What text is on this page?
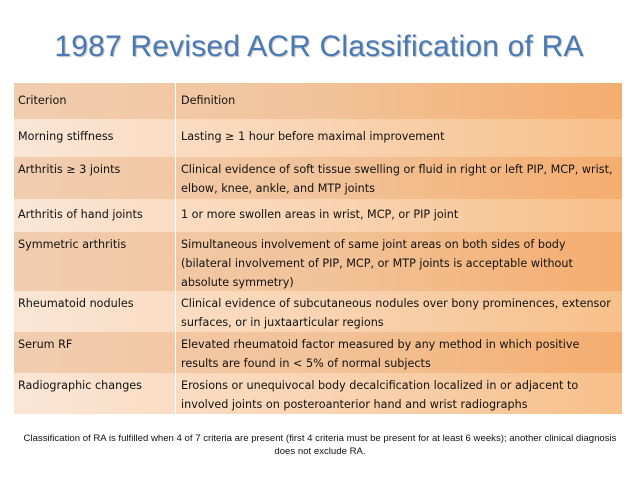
1987 Revised ACR Classification of RA
Criterion	Definition
Morning stiffness	Lasting ≥ 1 hour before maximal improvement
Arthritis ≥ 3 joints	Clinical evidence of soft tissue swelling or fluid in right or left PIP, MCP, wrist, elbow, knee, ankle, and MTP joints
Arthritis of hand joints	1 or more swollen areas in wrist, MCP, or PIP joint
Symmetric arthritis	Simultaneous involvement of same joint areas on both sides of body (bilateral involvement of PIP, MCP, or MTP joints is acceptable without absolute symmetry)
Rheumatoid nodules	Clinical evidence of subcutaneous nodules over bony prominences, extensor surfaces, or in juxtaarticular regions
Serum RF	Elevated rheumatoid factor measured by any method in which positive results are found in < 5% of normal subjects
Radiographic changes	Erosions or unequivocal body decalcification localized in or adjacent to involved joints on posteroanterior hand and wrist radiographs
Classification of RA is fulfilled when 4 of 7 criteria are present (first 4 criteria must be present for at least 6 weeks); another clinical diagnosis does not exclude RA.
